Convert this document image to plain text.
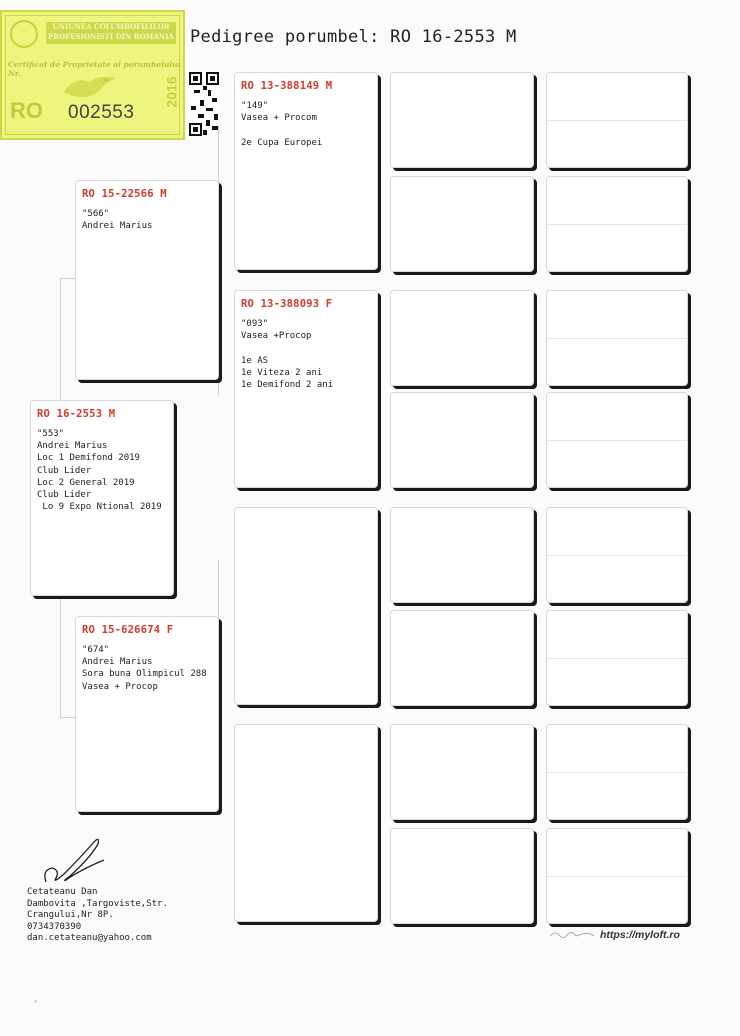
UNIUNEA COLUMBOFILILOR PROFESIONISTI DIN ROMANIA
Certificat de Proprietate al porumbelului Nr.
RO 002553
2016
Pedigree porumbel: RO 16-2553 M
RO 16-2553 M
"553"
Andrei Marius
Loc 1 Demifond 2019
Club Lider
Loc 2 General 2019
Club Lider
Lo 9 Expo Ntional 2019
RO 15-22566 M
"566"
Andrei Marius
RO 15-626674 F
"674"
Andrei Marius
Sora buna Olimpicul 288
Vasea + Procop
RO 13-388149 M
"149"
Vasea + Procom

2e Cupa Europei
RO 13-388093 F
"093"
Vasea +Procop

1e AS
1e Viteza 2 ani
1e Demifond 2 ani
Cetateanu Dan
Dambovita ,Targoviste,Str.
Crangului,Nr 8P.
0734370390
dan.cetateanu@yahoo.com	https://myloft.ro
